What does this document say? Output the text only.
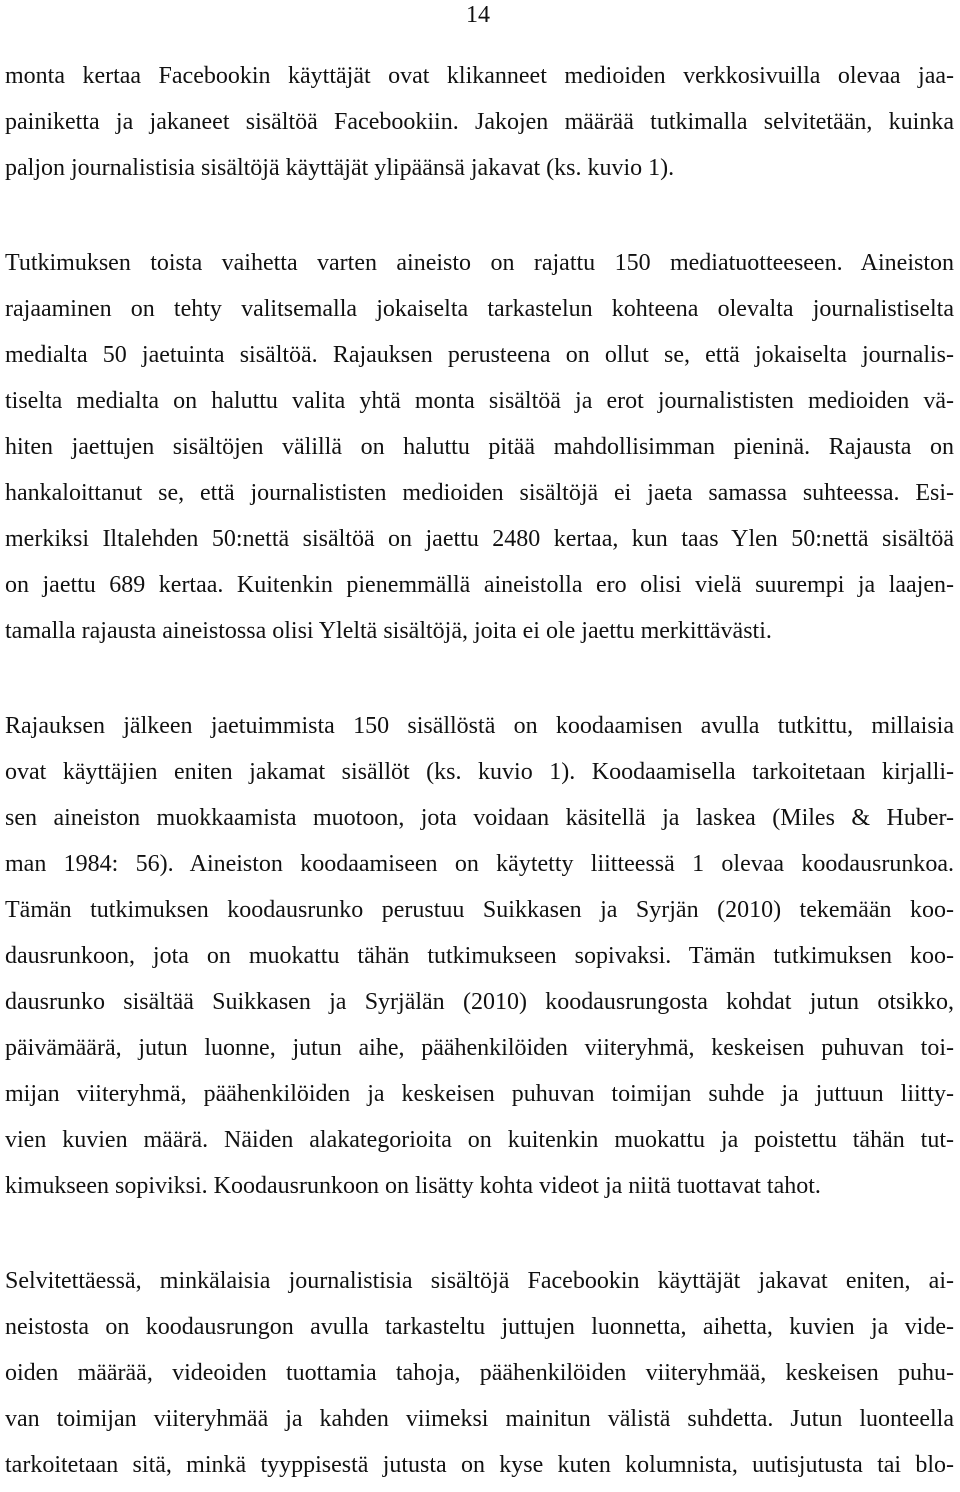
14
monta kertaa Facebookin käyttäjät ovat klikanneet medioiden verkkosivuilla olevaa jaa-
painiketta ja jakaneet sisältöä Facebookiin. Jakojen määrää tutkimalla selvitetään, kuinka
paljon journalistisia sisältöjä käyttäjät ylipäänsä jakavat (ks. kuvio 1).
Tutkimuksen toista vaihetta varten aineisto on rajattu 150 mediatuotteeseen. Aineiston
rajaaminen on tehty valitsemalla jokaiselta tarkastelun kohteena olevalta journalistiselta
medialta 50 jaetuinta sisältöä. Rajauksen perusteena on ollut se, että jokaiselta journalis-
tiselta medialta on haluttu valita yhtä monta sisältöä ja erot journalististen medioiden vä-
hiten jaettujen sisältöjen välillä on haluttu pitää mahdollisimman pieninä. Rajausta on
hankaloittanut se, että journalististen medioiden sisältöjä ei jaeta samassa suhteessa. Esi-
merkiksi Iltalehden 50:nettä sisältöä on jaettu 2480 kertaa, kun taas Ylen 50:nettä sisältöä
on jaettu 689 kertaa. Kuitenkin pienemmällä aineistolla ero olisi vielä suurempi ja laajen-
tamalla rajausta aineistossa olisi Yleltä sisältöjä, joita ei ole jaettu merkittävästi.
Rajauksen jälkeen jaetuimmista 150 sisällöstä on koodaamisen avulla tutkittu, millaisia
ovat käyttäjien eniten jakamat sisällöt (ks. kuvio 1). Koodaamisella tarkoitetaan kirjalli-
sen aineiston muokkaamista muotoon, jota voidaan käsitellä ja laskea (Miles & Huber-
man 1984: 56). Aineiston koodaamiseen on käytetty liitteessä 1 olevaa koodausrunkoa.
Tämän tutkimuksen koodausrunko perustuu Suikkasen ja Syrjän (2010) tekemään koo-
dausrunkoon, jota on muokattu tähän tutkimukseen sopivaksi. Tämän tutkimuksen koo-
dausrunko sisältää Suikkasen ja Syrjälän (2010) koodausrungosta kohdat jutun otsikko,
päivämäärä, jutun luonne, jutun aihe, päähenkilöiden viiteryhmä, keskeisen puhuvan toi-
mijan viiteryhmä, päähenkilöiden ja keskeisen puhuvan toimijan suhde ja juttuun liitty-
vien kuvien määrä. Näiden alakategorioita on kuitenkin muokattu ja poistettu tähän tut-
kimukseen sopiviksi. Koodausrunkoon on lisätty kohta videot ja niitä tuottavat tahot.
Selvitettäessä, minkälaisia journalistisia sisältöjä Facebookin käyttäjät jakavat eniten, ai-
neistosta on koodausrungon avulla tarkasteltu juttujen luonnetta, aihetta, kuvien ja vide-
oiden määrää, videoiden tuottamia tahoja, päähenkilöiden viiteryhmää, keskeisen puhu-
van toimijan viiteryhmää ja kahden viimeksi mainitun välistä suhdetta. Jutun luonteella
tarkoitetaan sitä, minkä tyyppisestä jutusta on kyse kuten kolumnista, uutisjutusta tai blo-
